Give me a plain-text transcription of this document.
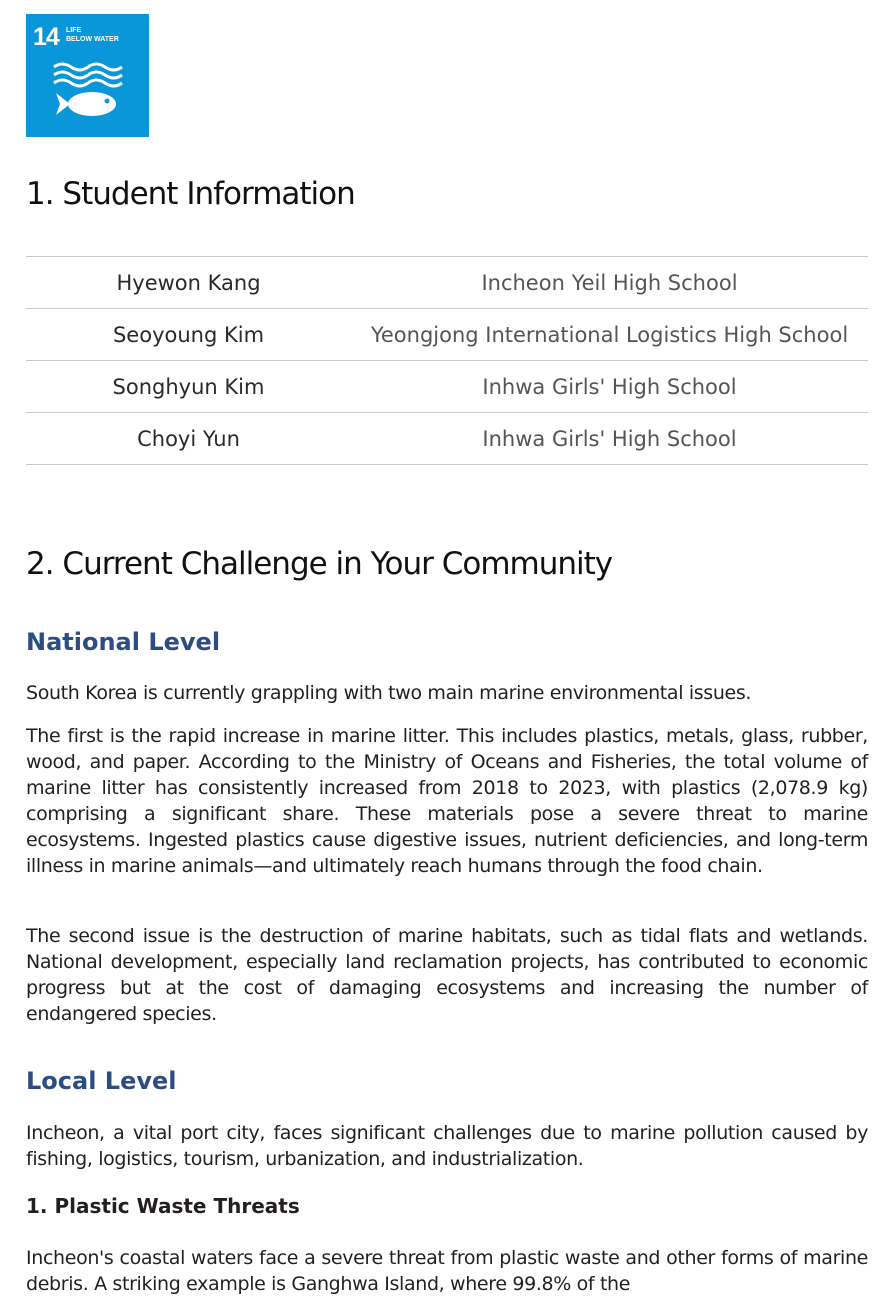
14 LIFE
BELOW WATER
1. Student Information
Hyewon Kang	Incheon Yeil High School
Seoyoung Kim	Yeongjong International Logistics High School
Songhyun Kim	Inhwa Girls' High School
Choyi Yun	Inhwa Girls' High School
2. Current Challenge in Your Community
National Level

South Korea is currently grappling with two main marine environmental issues.

The first is the rapid increase in marine litter. This includes plastics, metals, glass, rubber, wood, and paper. According to the Ministry of Oceans and Fisheries, the total volume of marine litter has consistently increased from 2018 to 2023, with plastics (2,078.9 kg) comprising a significant share. These materials pose a severe threat to marine ecosystems. Ingested plastics cause digestive issues, nutrient deficiencies, and long-term illness in marine animals—and ultimately reach humans through the food chain.

The second issue is the destruction of marine habitats, such as tidal flats and wetlands. National development, especially land reclamation projects, has contributed to economic progress but at the cost of damaging ecosystems and increasing the number of endangered species.

Local Level

Incheon, a vital port city, faces significant challenges due to marine pollution caused by fishing, logistics, tourism, urbanization, and industrialization.

1. Plastic Waste Threats

Incheon's coastal waters face a severe threat from plastic waste and other forms of marine debris. A striking example is Ganghwa Island, where 99.8% of the
